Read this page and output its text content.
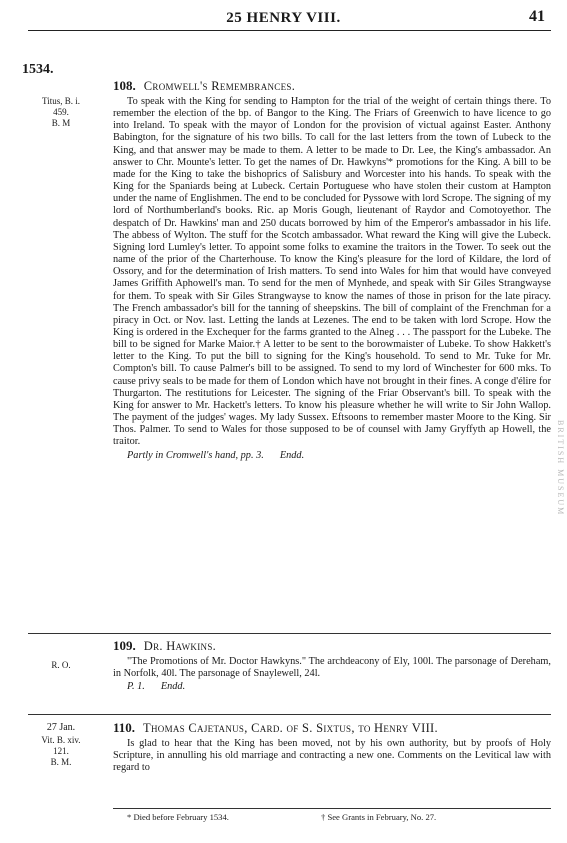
25 HENRY VIII.	41
1534.
Titus, B. i.
459.
B. M
108. Cromwell's Remembrances.

To speak with the King for sending to Hampton for the trial of the weight of certain things there. To remember the election of the bp. of Bangor to the King. The Friars of Greenwich to have licence to go into Ireland. To speak with the mayor of London for the provision of victual against Easter. Anthony Babington, for the signature of his two bills. To call for the last letters from the town of Lubeck to the King, and that answer may be made to them. A letter to be made to Dr. Lee, the King's ambassador. An answer to Chr. Mounte's letter. To get the names of Dr. Hawkyns'* promotions for the King. A bill to be made for the King to take the bishoprics of Salisbury and Worcester into his hands. To speak with the King for the Spaniards being at Lubeck. Certain Portuguese who have stolen their custom at Hampton under the name of Englishmen. The end to be concluded for Pyssowe with lord Scrope. The signing of my lord of Northumberland's books. Ric. ap Moris Gough, lieutenant of Raydor and Comotoyethor. The despatch of Dr. Hawkins' man and 250 ducats borrowed by him of the Emperor's ambassador in his life. The abbess of Wylton. The stuff for the Scotch ambassador. What reward the King will give the Lubeck. Signing lord Lumley's letter. To appoint some folks to examine the traitors in the Tower. To seek out the name of the prior of the Charterhouse. To know the King's pleasure for the lord of Kildare, the lord of Ossory, and for the determination of Irish matters. To send into Wales for him that would have conveyed James Griffith Aphowell's man. To send for the men of Mynhede, and speak with Sir Giles Strangwayse for them. To speak with Sir Giles Strangwayse to know the names of those in prison for the late piracy. The French ambassador's bill for the tanning of sheepskins. The bill of complaint of the Frenchman for a piracy in Oct. or Nov. last. Letting the lands at Lezenes. The end to be taken with lord Scrope. How the King is ordered in the Exchequer for the farms granted to the Alneg . . . The passport for the Lubeke. The bill to be signed for Marke Maior.† A letter to be sent to the borowmaister of Lubeke. To show Hakkett's letter to the King. To put the bill to signing for the King's household. To send to Mr. Tuke for Mr. Compton's bill. To cause Palmer's bill to be assigned. To send to my lord of Winchester for 600 mks. To cause privy seals to be made for them of London which have not brought in their fines. A conge d'élire for Thurgarton. The restitutions for Leicester. The signing of the Friar Observant's bill. To speak with the King for answer to Mr. Hackett's letters. To know his pleasure whether he will write to Sir John Wallop. The payment of the judges' wages. My lady Sussex. Eftsoons to remember master Moore to the King. Sir Thos. Palmer. To send to Wales for those supposed to be of counsel with Jamy Gryffyth ap Howell, the traitor.

Partly in Cromwell's hand, pp. 3. Endd.
R. O.
109. Dr. Hawkins.

"The Promotions of Mr. Doctor Hawkyns." The archdeacony of Ely, 100l. The parsonage of Dereham, in Norfolk, 40l. The parsonage of Snaylewell, 24l.

P. 1. Endd.
27 Jan.
Vit. B. xiv.
121.
B. M.
110. Thomas Cajetanus, Card. of S. Sixtus, to Henry VIII.

Is glad to hear that the King has been moved, not by his own authority, but by proofs of Holy Scripture, in annulling his old marriage and contracting a new one. Comments on the Levitical law with regard to

* Died before February 1534.	† See Grants in February, No. 27.
BRITISH MUSEUM
